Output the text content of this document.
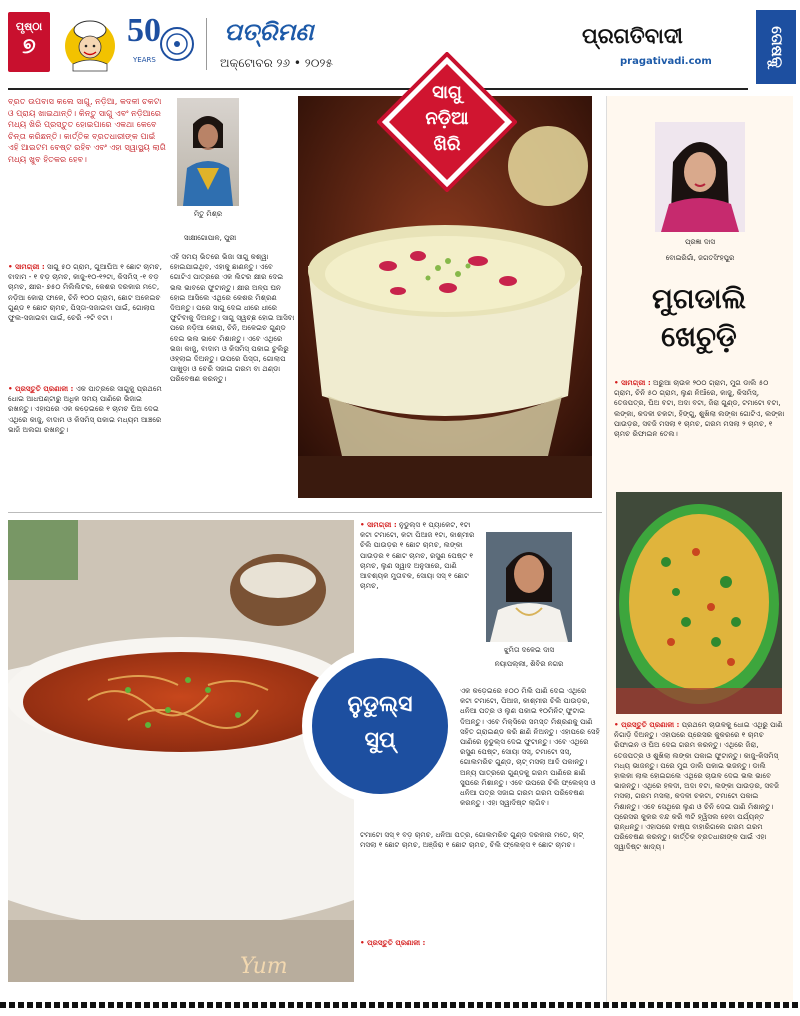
ପୃଷ୍ଠା
୭	50
YEARS
ପତ୍ରିମଣ
ଅକ୍ଟୋବର ୨୬ • ୨୦୨୫
ପ୍ରଗତିବାଦୀ
pragativadi.com	ତୋଷକୁ
ବ୍ରତ ଉପବାସ କଲେ ସାଗୁ, ନଡ଼ିଆ, କଦଳୀ ଚକଟା ଓ ପ୍ରାୟ ଖାଇଥାନ୍ତି। କିନ୍ତୁ ସାଗୁ ଏବଂ ନଡ଼ିଆରେ ମଧ୍ୟ ଖିରି ପ୍ରସ୍ତୁତ ହୋଇପାରେ ଏକଥା କେବେ ଚିନ୍ତା କରିଛନ୍ତି। କାର୍ତ୍ତିକ ବ୍ରତଧାରୀଙ୍କ ପାଇଁ ଏହି ଆଇଟମ ବେଷ୍ଟ ରହିବ ଏବଂ ଏହା ସ୍ୱାସ୍ଥ୍ୟ ଲାଗି ମଧ୍ୟ ଖୁବ ହିତକର ହେବ।
ମିତୁ ମିଶ୍ର
ସାକ୍ଷୀଗୋପାଳ, ପୁରୀ
• ସାମଗ୍ରୀ : ସାଗୁ ୫୦ ଗ୍ରାମ, ଗୁଆଘିଅ ୧ ଛୋଟ ଚାମଚ, ବାଦାମ - ୧ ବଡ଼ ଚାମଚ, କାଜୁ-୧୦-୧୨ଟା, କିସମିସ୍ -୧ ବଡ଼ ଚାମଚ, କ୍ଷୀର- ୭୫୦ ମିଲିଲିଟର, କେଶର ଦରକାର ମତେ, ନଡ଼ିଆ କୋରା ଫାଳେ, ଚିନି ୧୦୦ ଗ୍ରାମ, ଛୋଟ ଅଳେଇଚ ଗୁଣ୍ଡ ୧ ଛୋଟ ଚାମଚ, ପିସ୍ତା-ସଜାଇବା ପାଇଁ, ଗୋଲାପ ଫୁଲ-ସଜାଇବା ପାଇଁ, ଚେରି -୨ଟି ବଟା।
• ପ୍ରସ୍ତୁତି ପ୍ରଣାଳୀ : ଏକ ପାତ୍ରରେ ସାଗୁକୁ ପ୍ରଥମେ ଧୋଇ ଆଧଘଣ୍ଟାରୁ ଅଧିକ ସମୟ ପାଣିରେ ଭିଜାଇ ରଖନ୍ତୁ। ଏହାପରେ ଏକ କଡ଼େଇରେ ୧ ଚାମଚ ଘିଅ ଦେଇ ଏଥିରେ କାଜୁ, ବାଦାମ ଓ କିସମିସ୍ ପକାଇ ମଧ୍ୟମ ଆଞ୍ଚରେ ଭାଜି ଅଲଗା ରଖନ୍ତୁ।
ଏହି ସମୟ ଭିତରେ ଭିଜା ସାଗୁ କଶ୍ୱା ହୋଇଯାଇଥିବ, ଏହାକୁ ଛାଣନ୍ତୁ। ଏବେ ଗୋଟିଏ ପାତ୍ରରେ ଏକ ଲିଟର କ୍ଷୀର ଦେଇ ଭଲ ଭାବରେ ଫୁଟାନ୍ତୁ। କ୍ଷୀର ଅଳ୍ପ ଘନ ହୋଇ ଆସିଲେ ଏଥିରେ କେଶର ମିଶ୍ରଣ ଦିଅନ୍ତୁ। ପରେ ସାଗୁ ଦେଇ ଧୀରେ ଧୀରେ ଫୁଟିବାକୁ ଦିଅନ୍ତୁ। ସାଗୁ ସ୍ୱଚ୍ଛ ହୋଇ ଆସିବା ପରେ ନଡ଼ିଆ କୋରା, ଚିନି, ଅଳେଇଚ ଗୁଣ୍ଡ ଦେଇ ଭଲ ଭାବେ ମିଶାନ୍ତୁ। ଏବେ ଏଥିରେ ଭଜା କାଜୁ, ବାଦାମ ଓ କିସମିସ୍ ପକାଇ ଚୁଲିରୁ ଓହ୍ଲାଇ ଦିଅନ୍ତୁ। ଉପରେ ପିସ୍ତା, ଗୋଲାପ ପାଖୁଡ଼ା ଓ ଚେରି ସଜାଇ ଗରମ ବା ଥଣ୍ଡା ପରିବେଷଣ କରନ୍ତୁ।
ସାଗୁ
ନଡ଼ିଆ
ଖିରି
ପ୍ରଜ୍ଞା ଦାସ
ବୋଇରିଗାଁ, ଜଗତସିଂହପୁର
ମୁଗଡାଲି
ଖେଚୁଡ଼ି
• ସାମଗ୍ରୀ : ଅରୁଆ ଚାଉଳ ୨୦୦ ଗ୍ରାମ, ମୁଗ ଡାଲି ୫୦ ଗ୍ରାମ, ଚିନି ୫୦ ଗ୍ରାମ, ଲୁଣ ନିଆଁରେ, କାଜୁ, କିସମିସ୍, ତେଜପତ୍ର, ଘିଅ ବଟା, ଅଦା ବଟା, ଜିରା ଗୁଣ୍ଡ, ଟମାଟୋ ବଟା, ଲଙ୍କା, କଦଳୀ ଚକଟା, ହିଙ୍ଗୁ, ଶୁଖିଲା ଲଙ୍କା ଗୋଟିଏ, ଲଙ୍କା ପାଉଡ଼ର, ସବଜି ମସଲା ୧ ଚାମଚ, ଗରମ ମସଲା ୨ ଚାମଚ, ୧ ଚାମଚ ରିଫାଇନ ତେଲ।
• ପ୍ରସ୍ତୁତି ପ୍ରଣାଳୀ : ପ୍ରଥମେ ଚାଉଳକୁ ଧୋଇ ଏଥିରୁ ପାଣି ନିଗାଡ଼ି ଦିଅନ୍ତୁ। ଏହାପରେ ପ୍ରେସର କୁକରରେ ୧ ଚାମଚ ରିଫାଇନ ଓ ଘିଅ ଦେଇ ଗରମ କରନ୍ତୁ। ଏଥିରେ ଜିରା, ତେଜପତ୍ର ଓ ଶୁଖିଲା ଲଙ୍କା ପକାଇ ଫୁଟାନ୍ତୁ। କାଜୁ-କିସମିସ୍ ମଧ୍ୟ ଭାଜନ୍ତୁ। ପରେ ମୁଗ ଡାଲି ପକାଇ ଭଜନ୍ତୁ। ଡାଲି ହାଲକା ଲାଲ ହୋଇଗଲେ ଏଥିରେ ଚାଉଳ ଦେଇ ଭଲ ଭାବେ ଭାଜନ୍ତୁ। ଏଥିରେ ହଳଦୀ, ଅଦା ବଟା, ଲଙ୍କା ପାଉଡ଼ର, ସବଜି ମସଲା, ଗରମ ମସଲା, କଦଳୀ ଚକଟା, ଟମାଟୋ ପକାଇ ମିଶାନ୍ତୁ। ଏବେ ସେଥିରେ ଲୁଣ ଓ ଚିନି ଦେଇ ପାଣି ମିଶାନ୍ତୁ। ପ୍ରେସର କୁକର ବନ୍ଦ କରି ୩ଟି ହ୍ୱିସଲ ହେବା ପର୍ଯ୍ୟନ୍ତ ରାନ୍ଧନ୍ତୁ। ଏହାପରେ ବାଷ୍ପ ବାହାରିଗଲେ ଗରମ ଗରମ ପରିବେଷଣ କରନ୍ତୁ। କାର୍ତ୍ତିକ ବ୍ରତଧାରୀଙ୍କ ପାଇଁ ଏହା ସ୍ୱାଦିଷ୍ଟ ଖାଦ୍ୟ।
Yum
ନୁଡୁଲ୍ସ
ସୁପ୍
• ସାମଗ୍ରୀ : ନୁଡୁଲ୍ସ ୧ ପ୍ୟାକେଟ, ୧ଟା କଟା ଟମାଟୋ, କଟା ପିଆଜ ୧ଟା, କାଶ୍ମୀର ଚିଲି ପାଉଡ଼ର ୧ ଛୋଟ ଚାମଚ, ଲଙ୍କା ପାଉଡ଼ର ୧ ଛୋଟ ଚାମଚ, ରସୁଣ ପେଷ୍ଟ ୧ ଚାମଚ, ଲୁଣ ସ୍ୱାଦ ଅନୁସାରେ, ପାଣି ଆବଶ୍ୟକ ମୁତାବକ, ସୋୟା ସସ୍ ୧ ଛୋଟ ଚାମଚ,
ଝୁମିତା ଦଳେଇ ଦାସ
ନୟାପଲ୍ଲୀ, ଶିବିର ନଗର
ଏକ କଡ଼େଇରେ ୫୦୦ ମିଲି ପାଣି ଦେଇ ଏଥିରେ କଟା ଟମାଟୋ, ପିଆଜ, କାଶ୍ମୀର ଚିଲି ପାଉଡ଼ର, ଧନିଆ ପତ୍ର ଓ ଲୁଣ ପକାଇ ୧୦ମିନିଟ୍ ଫୁଟାଇ ଦିଅନ୍ତୁ। ଏବେ ମିକ୍ସିରେ ସମସ୍ତ ମିଶ୍ରଣକୁ ପାଣି ସହିତ ଗ୍ରାଇଣ୍ଡ କରି ଛାଣି ନିଅନ୍ତୁ। ଏହାପରେ ସେହି ପାଣିରେ ନୁଡୁଲ୍ସ ଦେଇ ଫୁଟାନ୍ତୁ। ଏବେ ଏଥିରେ ରସୁଣ ପେଷ୍ଟ, ସୋୟା ସସ୍, ଟମାଟୋ ସସ୍, ଗୋଲମରିଚ ଗୁଣ୍ଡ, ଚାଟ୍ ମସଲା ଆଦି ପକାନ୍ତୁ। ଅନ୍ୟ ପାତ୍ରରେ ଗୁଣ୍ଡକୁ ଗରମ ପାଣିରେ ଛାଣି ସୁପରେ ମିଶାନ୍ତୁ। ଏବେ ଉପରେ ଚିଲି ଫ୍ଲେକ୍ସ ଓ ଧନିଆ ପତ୍ର ସଜାଇ ଗରମ ଗରମ ପରିବେଷଣ କରନ୍ତୁ। ଏହା ସ୍ୱାଦିଷ୍ଟ ଲାଗିବ।
ଟମାଟୋ ସସ୍ ୧ ବଡ଼ ଚାମଚ, ଧନିଆ ପତ୍ର, ଗୋଲମରିଚ ଗୁଣ୍ଡ ଦରକାର ମତେ, ଚାଟ୍ ମସଲା ୧ ଛୋଟ ଚାମଚ, ଅଞ୍ଜିରା ୧ ଛୋଟ ଚାମଚ, ଚିଲି ଫ୍ଲେକ୍ସ ୧ ଛୋଟ ଚାମଚ।
• ପ୍ରସ୍ତୁତି ପ୍ରଣାଳୀ :
